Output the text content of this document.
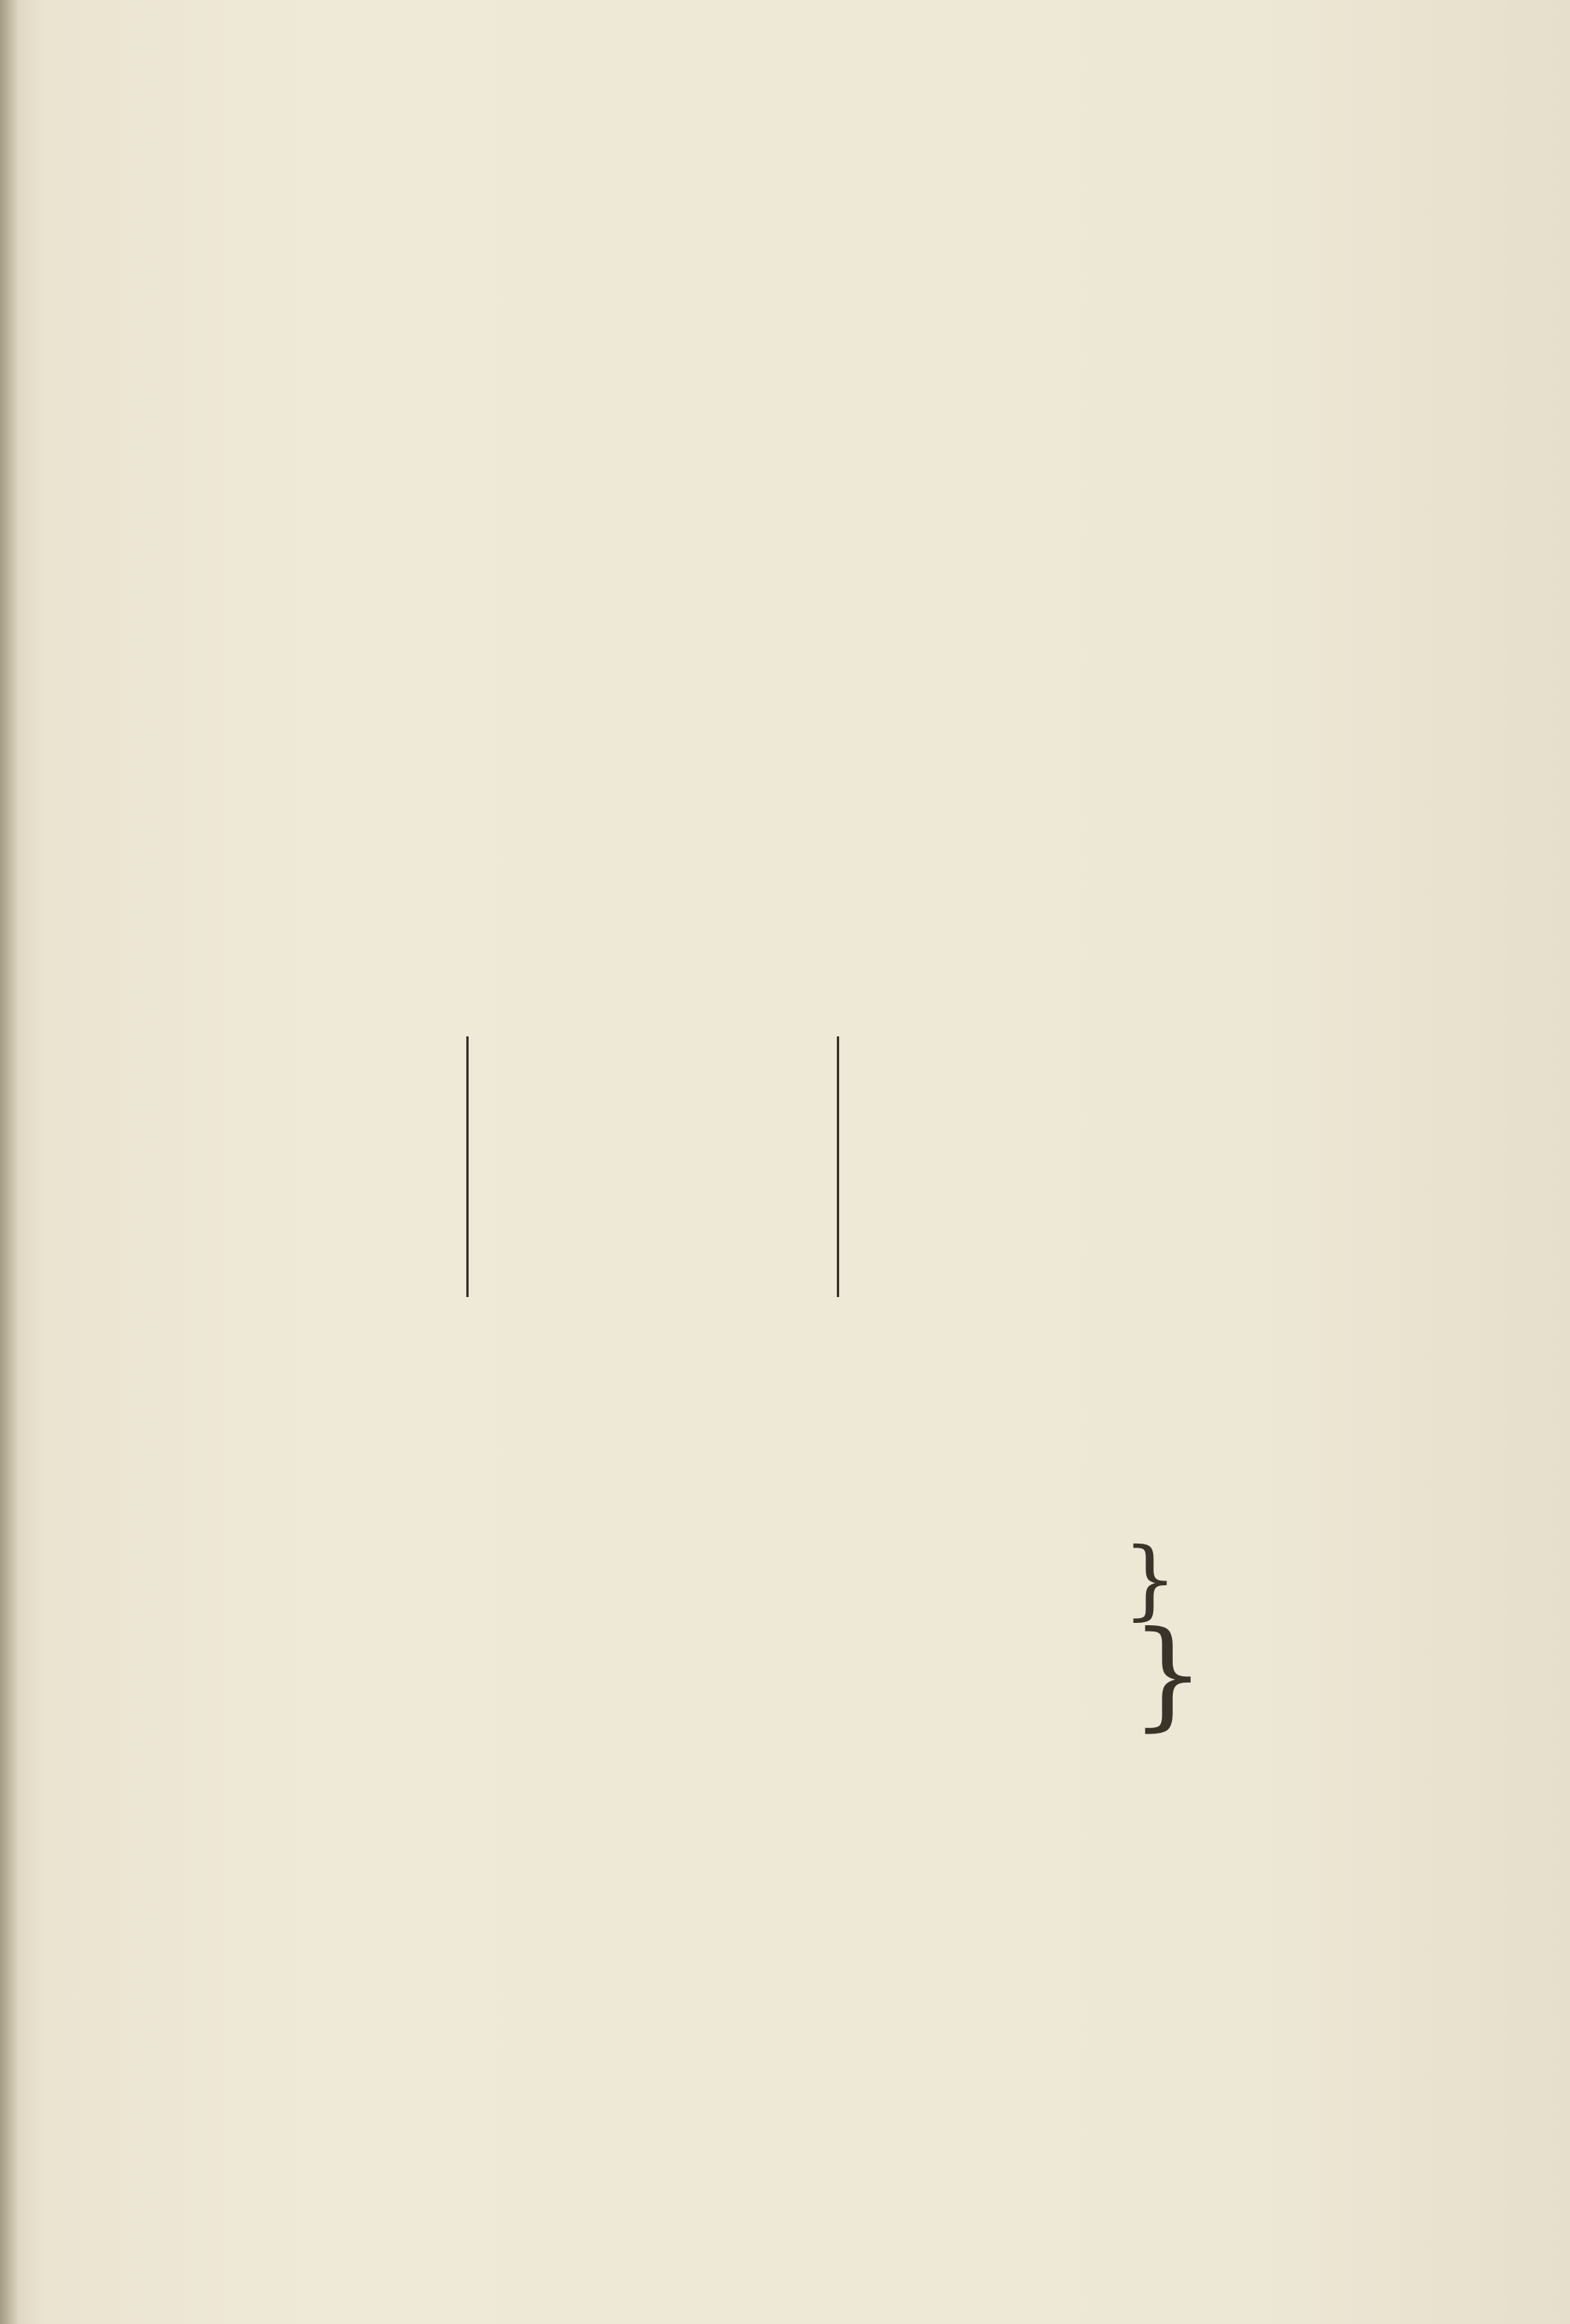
}
}
